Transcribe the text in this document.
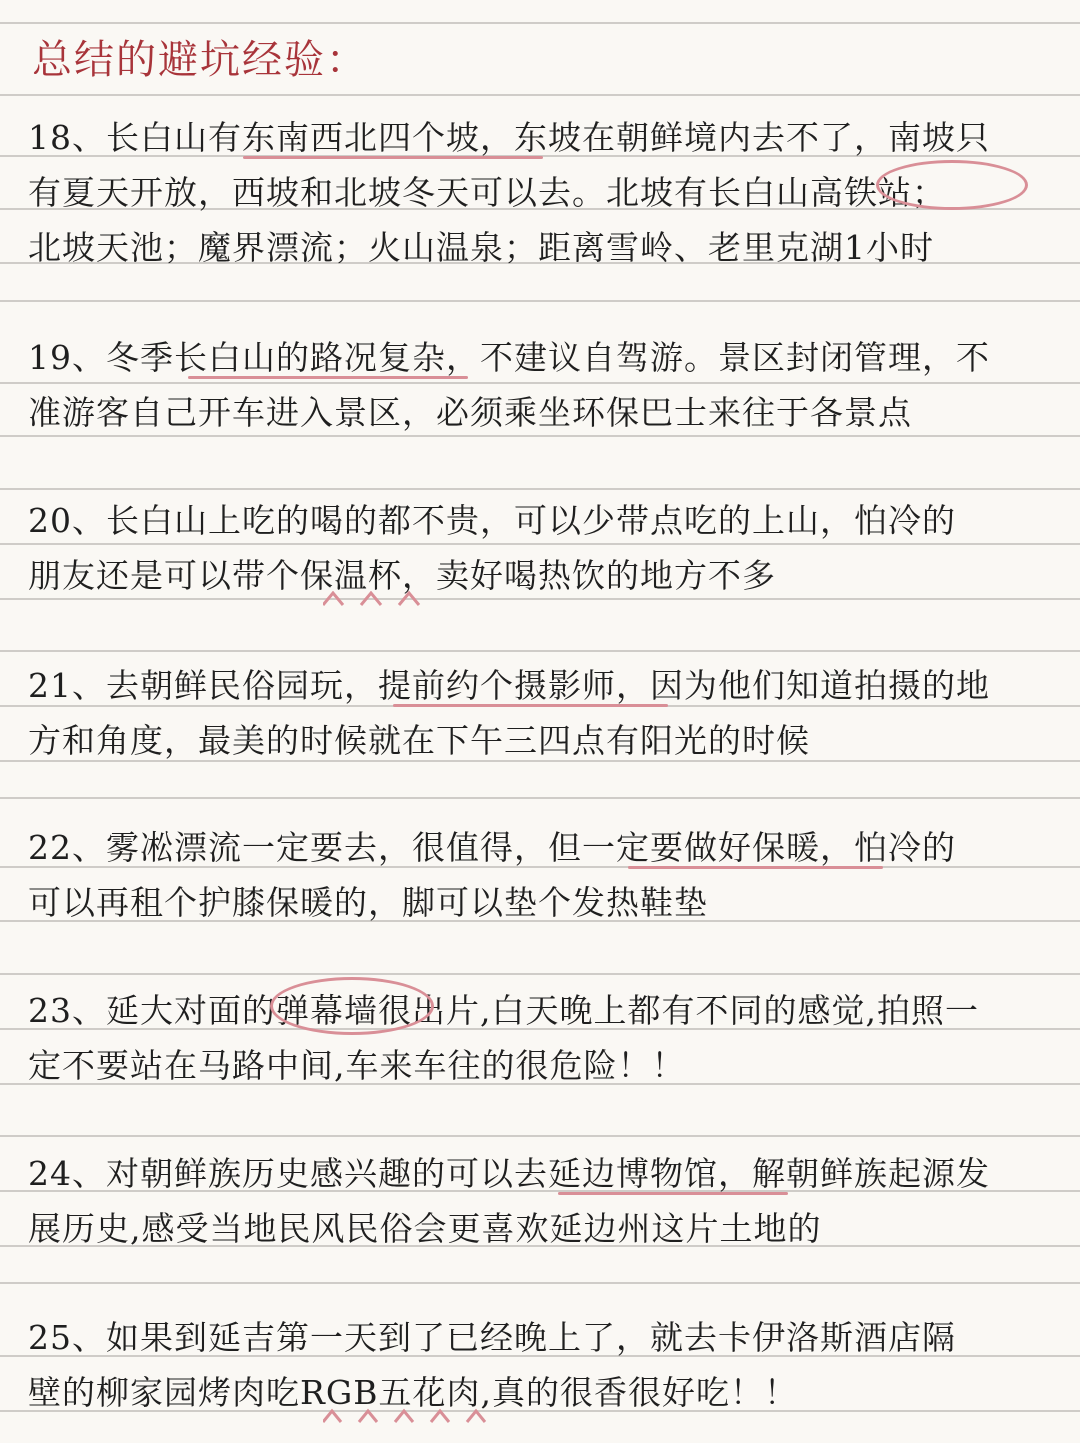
总结的避坑经验：
18、长白山有东南西北四个坡，东坡在朝鲜境内去不了，南坡只
有夏天开放，西坡和北坡冬天可以去。北坡有长白山高铁站；
北坡天池；魔界漂流；火山温泉；距离雪岭、老里克湖1小时
19、冬季长白山的路况复杂，不建议自驾游。景区封闭管理，不
准游客自己开车进入景区，必须乘坐环保巴士来往于各景点
20、长白山上吃的喝的都不贵，可以少带点吃的上山，怕冷的
朋友还是可以带个保温杯，卖好喝热饮的地方不多
21、去朝鲜民俗园玩，提前约个摄影师，因为他们知道拍摄的地
方和角度，最美的时候就在下午三四点有阳光的时候
22、雾凇漂流一定要去，很值得，但一定要做好保暖，怕冷的
可以再租个护膝保暖的，脚可以垫个发热鞋垫
23、延大对面的弹幕墙很出片,白天晚上都有不同的感觉,拍照一
定不要站在马路中间,车来车往的很危险！！
24、对朝鲜族历史感兴趣的可以去延边博物馆，解朝鲜族起源发
展历史,感受当地民风民俗会更喜欢延边州这片土地的
25、如果到延吉第一天到了已经晚上了，就去卡伊洛斯酒店隔
壁的柳家园烤肉吃RGB五花肉,真的很香很好吃！！
